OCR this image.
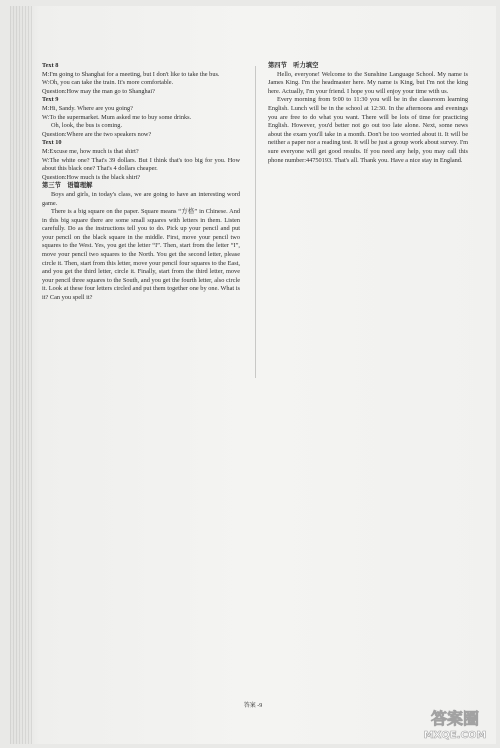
Text 8

M:I'm going to Shanghai for a meeting, but I don't like to take the bus.

W:Oh, you can take the train. It's more comfortable.

Question:How may the man go to Shanghai?

Text 9

M:Hi, Sandy. Where are you going?

W:To the supermarket. Mum asked me to buy some drinks.

Oh, look, the bus is coming.

Question:Where are the two speakers now?

Text 10

M:Excuse me, how much is that shirt?

W:The white one? That's 39 dollars. But I think that's too big for you. How about this black one? That's 4 dollars cheaper.

Question:How much is the black shirt?

第三节　语篇理解

Boys and girls, in today's class, we are going to have an interesting word game.

There is a big square on the paper. Square means “方格” in Chinese. And in this big square there are some small squares with letters in them. Listen carefully. Do as the instructions tell you to do. Pick up your pencil and put your pencil on the black square in the middle. First, move your pencil two squares to the West. Yes, you get the letter “I”. Then, start from the letter “I”, move your pencil two squares to the North. You get the second letter, please circle it. Then, start from this letter, move your pencil four squares to the East, and you get the third letter, circle it. Finally, start from the third letter, move your pencil three squares to the South, and you get the fourth letter, also circle it. Look at these four letters circled and put them together one by one. What is it? Can you spell it?

第四节　听力填空

Hello, everyone! Welcome to the Sunshine Language School. My name is James King. I'm the headmaster here. My name is King, but I'm not the king here. Actually, I'm your friend. I hope you will enjoy your time with us.

Every morning from 9:00 to 11:30 you will be in the classroom learning English. Lunch will be in the school at 12:30. In the afternoons and evenings you are free to do what you want. There will be lots of time for practicing English. However, you'd better not go out too late alone. Next, some news about the exam you'll take in a month. Don't be too worried about it. It will be neither a paper nor a reading test. It will be just a group work about survey. I'm sure everyone will get good results. If you need any help, you may call this phone number:44750193. That's all. Thank you. Have a nice stay in England.

答案 -9
答案圈
MXQE.COM
